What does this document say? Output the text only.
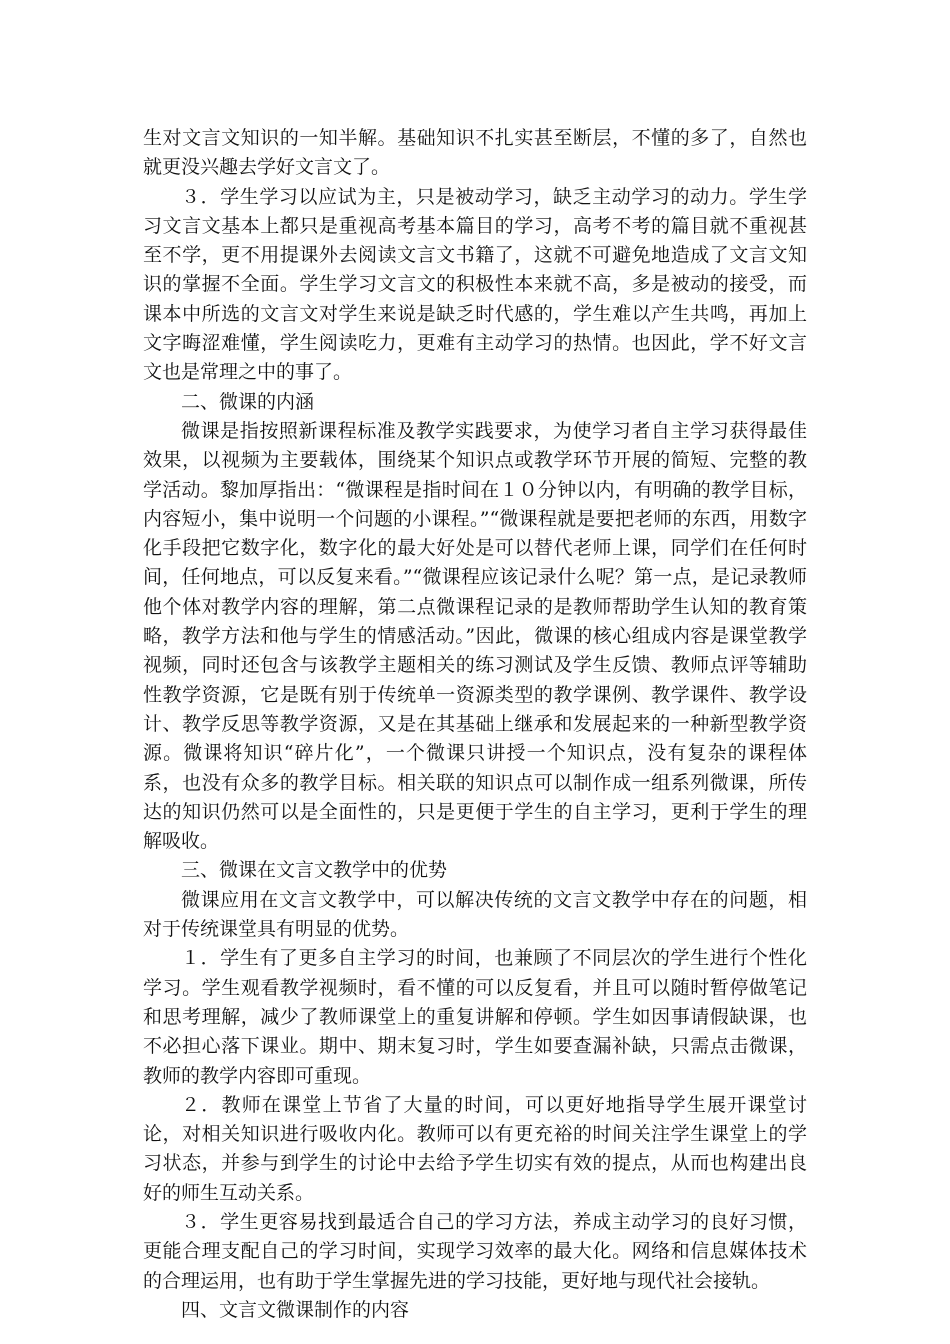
生对文言文知识的一知半解。基础知识不扎实甚至断层，不懂的多了，自然也就更没兴趣去学好文言文了。

３．学生学习以应试为主，只是被动学习，缺乏主动学习的动力。学生学习文言文基本上都只是重视高考基本篇目的学习，高考不考的篇目就不重视甚至不学，更不用提课外去阅读文言文书籍了，这就不可避免地造成了文言文知识的掌握不全面。学生学习文言文的积极性本来就不高，多是被动的接受，而课本中所选的文言文对学生来说是缺乏时代感的，学生难以产生共鸣，再加上文字晦涩难懂，学生阅读吃力，更难有主动学习的热情。也因此，学不好文言文也是常理之中的事了。

二、微课的内涵

微课是指按照新课程标准及教学实践要求，为使学习者自主学习获得最佳效果，以视频为主要载体，围绕某个知识点或教学环节开展的简短、完整的教学活动。黎加厚指出：“微课程是指时间在１０分钟以内，有明确的教学目标，内容短小，集中说明一个问题的小课程。”“微课程就是要把老师的东西，用数字化手段把它数字化，数字化的最大好处是可以替代老师上课，同学们在任何时间，任何地点，可以反复来看。”“微课程应该记录什么呢？第一点，是记录教师他个体对教学内容的理解，第二点微课程记录的是教师帮助学生认知的教育策略，教学方法和他与学生的情感活动。”因此，微课的核心组成内容是课堂教学视频，同时还包含与该教学主题相关的练习测试及学生反馈、教师点评等辅助性教学资源，它是既有别于传统单一资源类型的教学课例、教学课件、教学设计、教学反思等教学资源，又是在其基础上继承和发展起来的一种新型教学资源。微课将知识“碎片化”，一个微课只讲授一个知识点，没有复杂的课程体系，也没有众多的教学目标。相关联的知识点可以制作成一组系列微课，所传达的知识仍然可以是全面性的，只是更便于学生的自主学习，更利于学生的理解吸收。

三、微课在文言文教学中的优势

微课应用在文言文教学中，可以解决传统的文言文教学中存在的问题，相对于传统课堂具有明显的优势。

１．学生有了更多自主学习的时间，也兼顾了不同层次的学生进行个性化学习。学生观看教学视频时，看不懂的可以反复看，并且可以随时暂停做笔记和思考理解，减少了教师课堂上的重复讲解和停顿。学生如因事请假缺课，也不必担心落下课业。期中、期末复习时，学生如要查漏补缺，只需点击微课，教师的教学内容即可重现。

２．教师在课堂上节省了大量的时间，可以更好地指导学生展开课堂讨论，对相关知识进行吸收内化。教师可以有更充裕的时间关注学生课堂上的学习状态，并参与到学生的讨论中去给予学生切实有效的提点，从而也构建出良好的师生互动关系。

３．学生更容易找到最适合自己的学习方法，养成主动学习的良好习惯，更能合理支配自己的学习时间，实现学习效率的最大化。网络和信息媒体技术的合理运用，也有助于学生掌握先进的学习技能，更好地与现代社会接轨。

四、文言文微课制作的内容
